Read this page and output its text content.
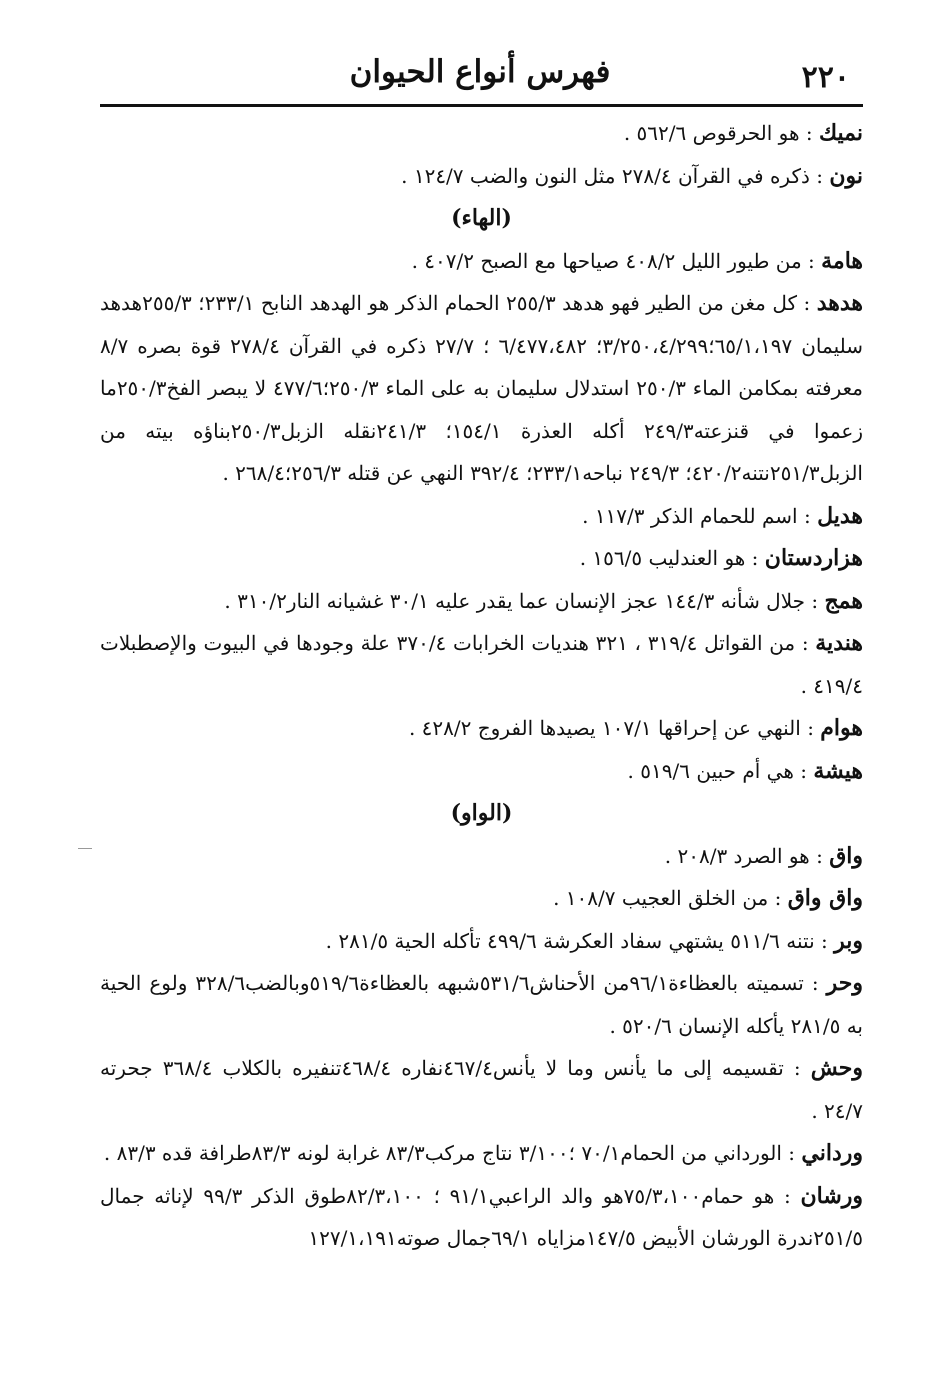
٢٢٠
فهرس أنواع الحيوان

نميك : هو الحرقوص ٥٦٢/٦ .

نون : ذكره في القرآن ٢٧٨/٤ مثل النون والضب ١٢٤/٧ .

(الهاء)

هامة : من طيور الليل ٤٠٨/٢ صياحها مع الصبح ٤٠٧/٢ .

هدهد : كل مغن من الطير فهو هدهد ٢٥٥/٣ الحمام الذكر هو الهدهد النابح ٢٣٣/١؛ ٢٥٥/٣هدهد سليمان ٦٥/١،١٩٧؛٣/٢٥٠،٤/٢٩٩؛ ٦/٤٧٧،٤٨٢ ؛ ٢٧/٧ ذكره في القرآن ٢٧٨/٤ قوة بصره ٨/٧ معرفته بمكامن الماء ٢٥٠/٣ استدلال سليمان به على الماء ٢٥٠/٣؛٤٧٧/٦ لا يبصر الفخ٢٥٠/٣ما زعموا في قنزعته٢٤٩/٣ أكله العذرة ١٥٤/١؛ ٢٤١/٣نقله الزبل٢٥٠/٣بناؤه بيته من الزبل٢٥١/٣نتنه٤٢٠/٢؛ ٢٤٩/٣ نباحه٢٣٣/١؛ ٣٩٢/٤ النهي عن قتله ٢٥٦/٣؛٢٦٨/٤ .

هديل : اسم للحمام الذكر ١١٧/٣ .

هزاردستان : هو العندليب ١٥٦/٥ .

همج : جلال شأنه ١٤٤/٣ عجز الإنسان عما يقدر عليه ٣٠/١ غشيانه النار٣١٠/٢ .

هندية : من القواتل ٣١٩/٤ ، ٣٢١ هنديات الخرابات ٣٧٠/٤ علة وجودها في البيوت والإصطبلات ٤١٩/٤ .

هوام : النهي عن إحراقها ١٠٧/١ يصيدها الفروج ٤٢٨/٢ .

هيشة : هي أم حبين ٥١٩/٦ .

(الواو)

واق : هو الصرد ٢٠٨/٣ .

واق واق : من الخلق العجيب ١٠٨/٧ .

وبر : نتنه ٥١١/٦ يشتهي سفاد العكرشة ٤٩٩/٦ تأكله الحية ٢٨١/٥ .

وحر : تسميته بالعظاءة٩٦/١من الأحناش٥٣١/٦شبهه بالعظاءة٥١٩/٦وبالضب٣٢٨/٦ ولوع الحية به ٢٨١/٥ يأكله الإنسان ٥٢٠/٦ .

وحش : تقسيمه إلى ما يأنس وما لا يأنس٤٦٧/٤نفاره ٤٦٨/٤تنفيره بالكلاب ٣٦٨/٤ جحرته ٢٤/٧ .

ورداني : الورداني من الحمام٧٠/١ ؛٣/١٠٠ نتاج مركب٨٣/٣ غرابة لونه ٨٣/٣طرافة قده ٨٣/٣ .

ورشان : هو حمام٧٥/٣،١٠٠هو والد الراعبي٩١/١ ؛ ٨٢/٣،١٠٠طوق الذكر ٩٩/٣ لإناثه جمال ٢٥١/٥ندرة الورشان الأبيض ١٤٧/٥مزاياه ٦٩/١جمال صوته١٢٧/١،١٩١
